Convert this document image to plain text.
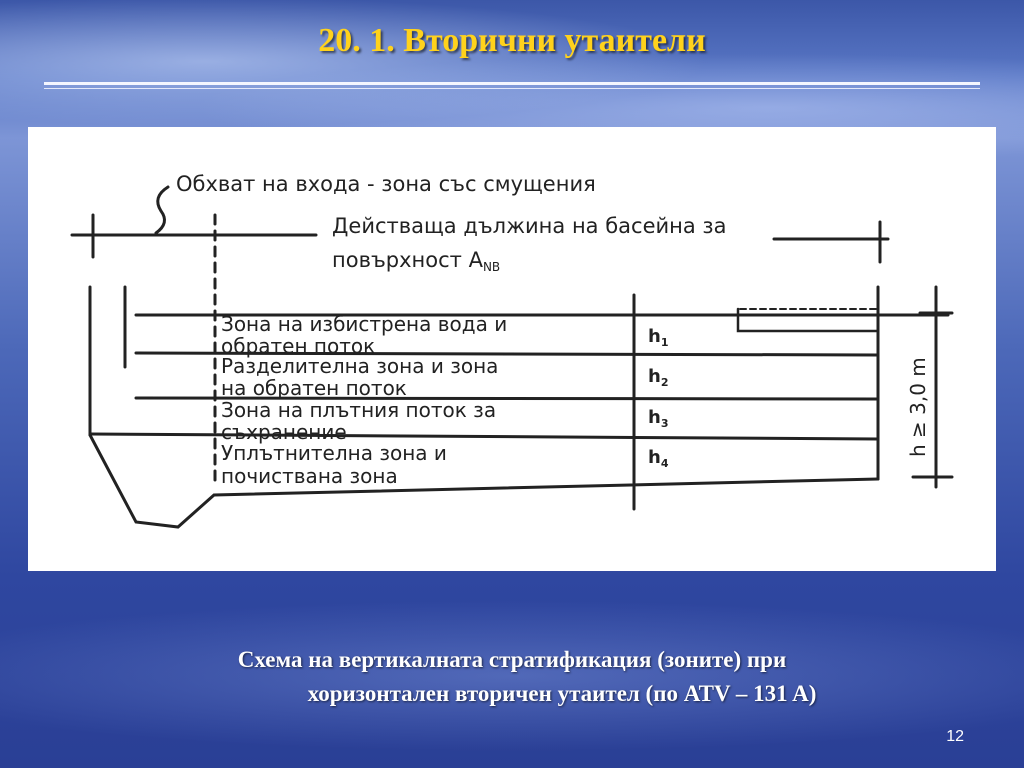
20. 1. Вторични утаители
Обхват на входа - зона със смущения
Действаща дължина на басейна за
повърхност ANB
Зона на избистрена вода и
обратен поток
Разделителна зона и зона
на обратен поток
Зона на плътния поток за
съхранение
Уплътнителна зона и
почиствана зона
$h_1$
$h_2$
$h_3$
$h_4$
h ≥ 3,0 m
Схема на вертикалната стратификация (зоните) при
хоризонтален вторичен утаител (по ATV – 131 A)
12
